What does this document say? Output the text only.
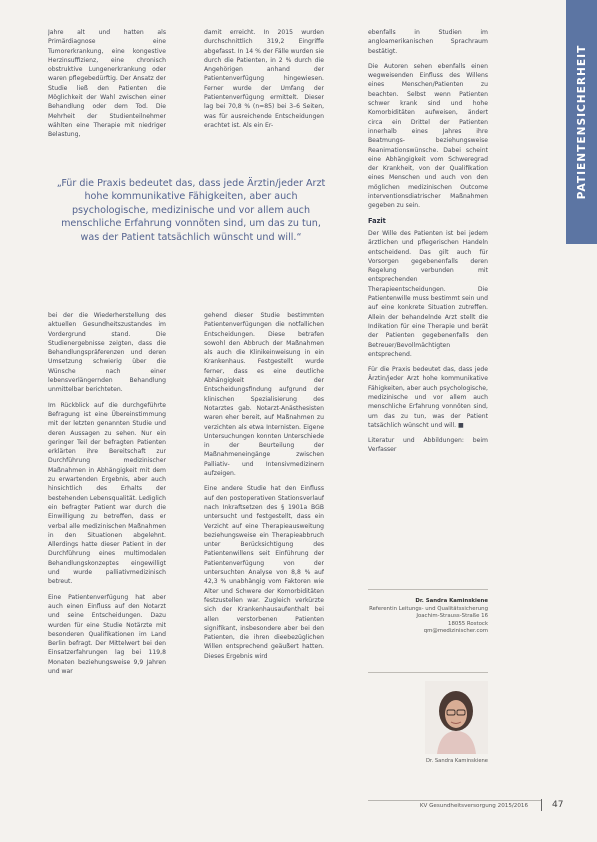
Jahre alt und hatten als Primärdiagnose eine Tumorerkrankung, eine kongestive Herzinsuffizienz, eine chronisch obstruktive Lungenerkrankung oder waren pflegebedürftig. Der Ansatz der Studie ließ den Patienten die Möglichkeit der Wahl zwischen einer Behandlung oder dem Tod. Die Mehrheit der Studienteilnehmer wählten eine Therapie mit niedriger Belastung,

damit erreicht. In 2015 wurden durchschnittlich 319,2 Eingriffe abgefasst. In 14 % der Fälle wurden sie durch die Patienten, in 2 % durch die Angehörigen anhand der Patientenverfügung hingewiesen. Ferner wurde der Umfang der Patientenverfügung ermittelt. Dieser lag bei 70,8 % (n=85) bei 3–6 Seiten, was für ausreichende Entscheidungen erachtet ist. Als ein Er-

„Für die Praxis bedeutet das, dass jede Ärztin/jeder Arzt hohe kommunikative Fähigkeiten, aber auch psychologische, medizinische und vor allem auch menschliche Erfahrung vonnöten sind, um das zu tun, was der Patient tatsächlich wünscht und will.“

bei der die Wiederherstellung des aktuellen Gesundheitszustandes im Vordergrund stand. Die Studienergebnisse zeigten, dass die Behandlungspräferenzen und deren Umsetzung schwierig über die Wünsche nach einer lebensverlängernden Behandlung unmittelbar berichteten.

Im Rückblick auf die durchgeführte Befragung ist eine Übereinstimmung mit der letzten genannten Studie und deren Aussagen zu sehen. Nur ein geringer Teil der befragten Patienten erklärten ihre Bereitschaft zur Durchführung medizinischer Maßnahmen in Abhängigkeit mit dem zu erwartenden Ergebnis, aber auch hinsichtlich des Erhalts der bestehenden Lebensqualität. Lediglich ein befragter Patient war durch die Einwilligung zu betreffen, dass er verbal alle medizinischen Maßnahmen in den Situationen abgelehnt. Allerdings hatte dieser Patient in der Durchführung eines multimodalen Behandlungskonzeptes eingewilligt und wurde palliativmedizinisch betreut.

Eine Patientenverfügung hat aber auch einen Einfluss auf den Notarzt und seine Entscheidungen. Dazu wurden für eine Studie Notärzte mit besonderen Qualifikationen im Land Berlin befragt. Der Mittelwert bei den Einsatzerfahrungen lag bei 119,8 Monaten beziehungsweise 9,9 Jahren und war

gehend dieser Studie bestimmten Patientenverfügungen die notfallichen Entscheidungen. Diese betrafen sowohl den Abbruch der Maßnahmen als auch die Klinikeinweisung in ein Krankenhaus. Festgestellt wurde ferner, dass es eine deutliche Abhängigkeit der Entscheidungsfindung aufgrund der klinischen Spezialisierung des Notarztes gab. Notarzt-Anästhesisten waren eher bereit, auf Maßnahmen zu verzichten als etwa Internisten. Eigene Untersuchungen konnten Unterschiede in der Beurteilung der Maßnahmeneingänge zwischen Palliativ- und Intensivmedizinern aufzeigen.

Eine andere Studie hat den Einfluss auf den postoperativen Stationsverlauf nach Inkraftsetzen des § 1901a BGB untersucht und festgestellt, dass ein Verzicht auf eine Therapieausweitung beziehungsweise ein Therapieabbruch unter Berücksichtigung des Patientenwillens seit Einführung der Patientenverfügung von der untersuchten Analyse von 8,8 % auf 42,3 % unabhängig vom Faktoren wie Alter und Schwere der Komorbiditäten festzustellen war. Zugleich verkürzte sich der Krankenhausaufenthalt bei allen verstorbenen Patienten signifikant, insbesondere aber bei den Patienten, die ihren dieebezüglichen Willen entsprechend geäußert hatten. Dieses Ergebnis wird

ebenfalls in Studien im angloamerikanischen Sprachraum bestätigt.

Die Autoren sehen ebenfalls einen wegweisenden Einfluss des Willens eines Menschen/Patienten zu beachten. Selbst wenn Patienten schwer krank sind und hohe Komorbiditäten aufweisen, ändert circa ein Drittel der Patienten innerhalb eines Jahres ihre Beatmungs- beziehungsweise Reanimationswünsche. Dabei scheint eine Abhängigkeit vom Schweregrad der Krankheit, von der Qualifikation eines Menschen und auch von den möglichen medizinischen Outcome interventionsdiatrischer Maßnahmen gegeben zu sein.

Fazit

Der Wille des Patienten ist bei jedem ärztlichen und pflegerischen Handeln entscheidend. Das gilt auch für Vorsorgen gegebenenfalls deren Regelung verbunden mit entsprechenden Therapieentscheidungen. Die Patientenwille muss bestimmt sein und auf eine konkrete Situation zutreffen. Allein der behandelnde Arzt stellt die Indikation für eine Therapie und berät der Patienten gegebenenfalls den Betreuer/Bevollmächtigten entsprechend.

Für die Praxis bedeutet das, dass jede Ärztin/jeder Arzt hohe kommunikative Fähigkeiten, aber auch psychologische, medizinische und vor allem auch menschliche Erfahrung vonnöten sind, um das zu tun, was der Patient tatsächlich wünscht und will. ■

Literatur und Abbildungen: beim Verfasser

Dr. Sandra Kaminskiene
Referentin Leitungs- und Qualitätssicherung
Joachim-Strauss-Straße 16
18055 Rostock
qm@medizinischer.com
Dr. Sandra Kaminskiene
PATIENTENSICHERHEIT
KV Gesundheitsversorgung 2015/2016	47
